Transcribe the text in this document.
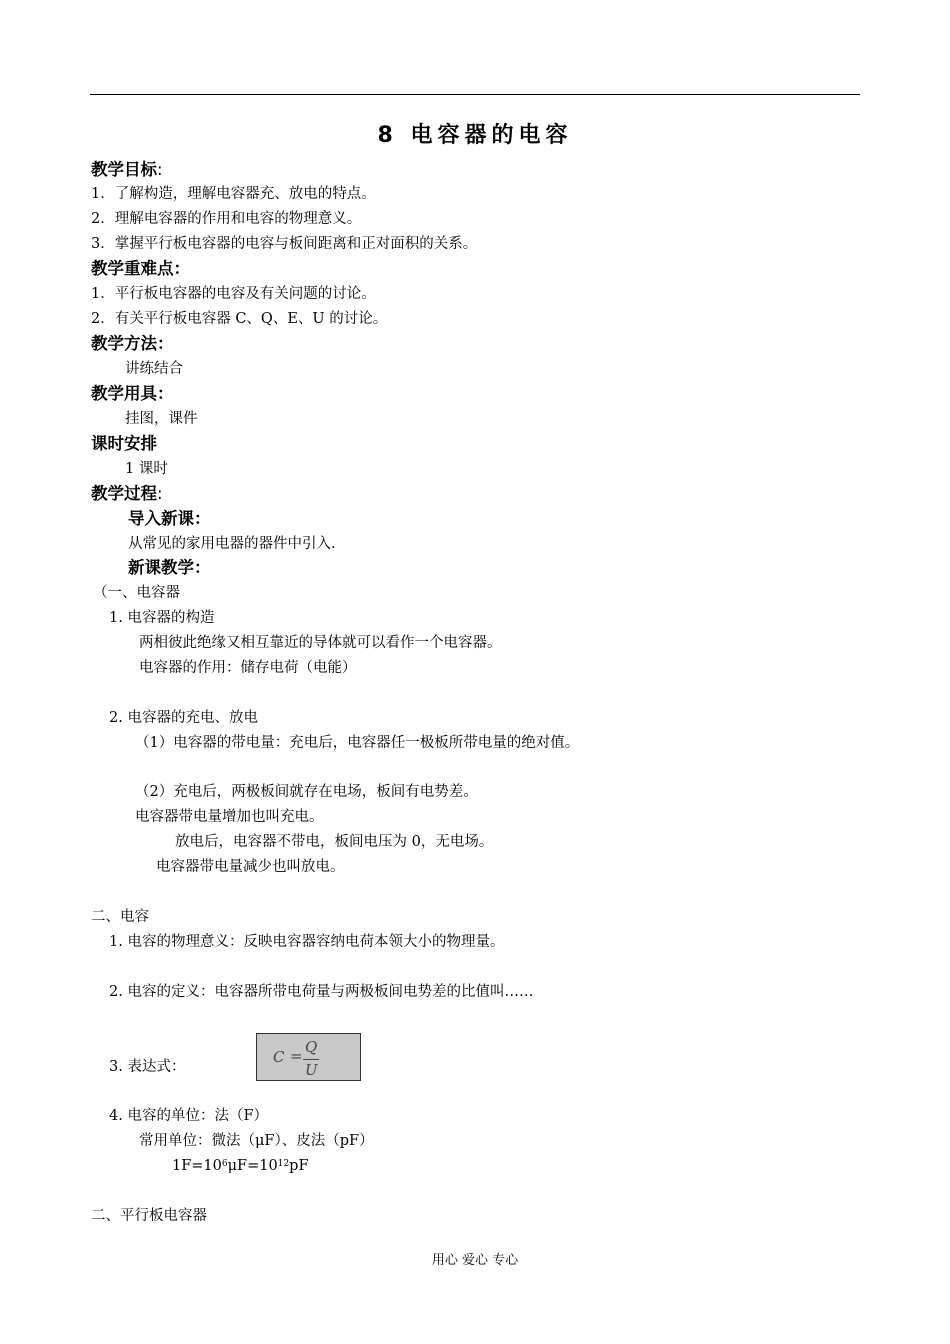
8 电容器的电容
教学目标:
1．了解构造，理解电容器充、放电的特点。
2．理解电容器的作用和电容的物理意义。
3．掌握平行板电容器的电容与板间距离和正对面积的关系。
教学重难点：
1．平行板电容器的电容及有关问题的讨论。
2．有关平行板电容器 C、Q、E、U 的讨论。
教学方法：
讲练结合
教学用具：
挂图，课件
课时安排
1 课时
教学过程:
导入新课：
从常见的家用电器的器件中引入.
新课教学：
（一、电容器
1. 电容器的构造
两相彼此绝缘又相互靠近的导体就可以看作一个电容器。
电容器的作用：储存电荷（电能）
2. 电容器的充电、放电
（1）电容器的带电量：充电后，电容器任一极板所带电量的绝对值。
（2）充电后，两极板间就存在电场，板间有电势差。
电容器带电量增加也叫充电。
放电后，电容器不带电，板间电压为 0，无电场。
电容器带电量减少也叫放电。
二、电容
1. 电容的物理意义：反映电容器容纳电荷本领大小的物理量。
2. 电容的定义：电容器所带电荷量与两极板间电势差的比值叫……
3. 表达式：
C = Q
U
4. 电容的单位：法（F）
常用单位：微法（μF）、皮法（pF）
$1F=10^6\mu F=10^{12}pF$
二、平行板电容器
用心 爱心 专心
